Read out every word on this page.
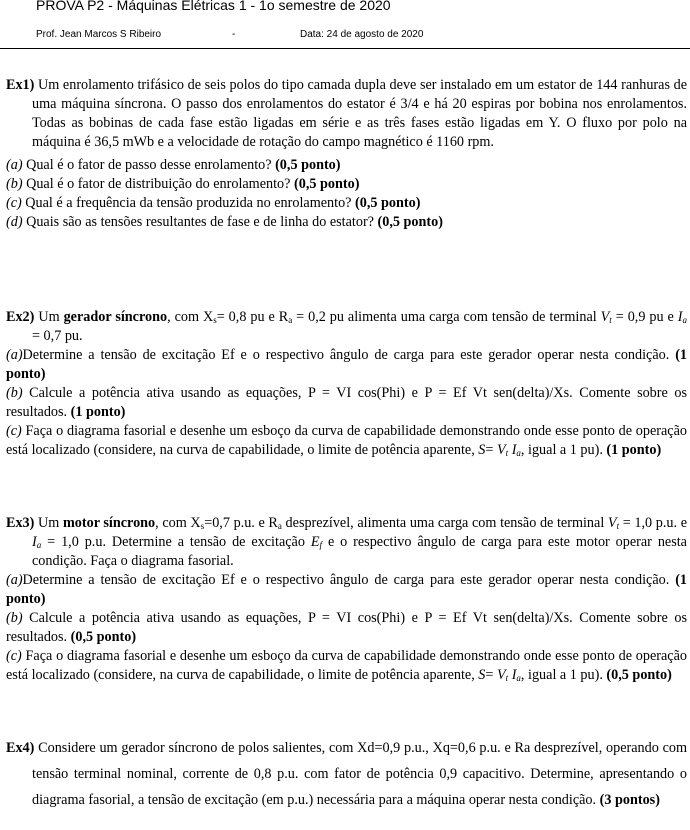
PROVA P2 - Máquinas Elétricas 1 - 1o semestre de 2020
Prof. Jean Marcos S Ribeiro	-	Data: 24 de agosto de 2020

Ex1) Um enrolamento trifásico de seis polos do tipo camada dupla deve ser instalado em um estator de 144 ranhuras de uma máquina síncrona. O passo dos enrolamentos do estator é 3/4 e há 20 espiras por bobina nos enrolamentos. Todas as bobinas de cada fase estão ligadas em série e as três fases estão ligadas em Y. O fluxo por polo na máquina é 36,5 mWb e a velocidade de rotação do campo magnético é 1160 rpm.

(a) Qual é o fator de passo desse enrolamento? (0,5 ponto)

(b) Qual é o fator de distribuição do enrolamento? (0,5 ponto)

(c) Qual é a frequência da tensão produzida no enrolamento? (0,5 ponto)

(d) Quais são as tensões resultantes de fase e de linha do estator? (0,5 ponto)

Ex2) Um gerador síncrono, com $X_s= 0,8$ pu e $R_a = 0,2$ pu alimenta uma carga com tensão de terminal $V_t = 0,9$ pu e $I_a = 0,7$ pu.

(a)Determine a tensão de excitação Ef e o respectivo ângulo de carga para este gerador operar nesta condição. (1 ponto)

(b) Calcule a potência ativa usando as equações, P = VI cos(Phi) e P = Ef Vt sen(delta)/Xs. Comente sobre os resultados. (1 ponto)

(c) Faça o diagrama fasorial e desenhe um esboço da curva de capabilidade demonstrando onde esse ponto de operação está localizado (considere, na curva de capabilidade, o limite de potência aparente, $S= V_t$ $I_a$, igual a 1 pu). (1 ponto)

Ex3) Um motor síncrono, com $X_s=0,7$ p.u. e $R_a$ desprezível, alimenta uma carga com tensão de terminal $V_t = 1,0$ p.u. e $I_a = 1,0$ p.u. Determine a tensão de excitação $E_f$ e o respectivo ângulo de carga para este motor operar nesta condição. Faça o diagrama fasorial.

(a)Determine a tensão de excitação Ef e o respectivo ângulo de carga para este gerador operar nesta condição. (1 ponto)

(b) Calcule a potência ativa usando as equações, P = VI cos(Phi) e P = Ef Vt sen(delta)/Xs. Comente sobre os resultados. (0,5 ponto)

(c) Faça o diagrama fasorial e desenhe um esboço da curva de capabilidade demonstrando onde esse ponto de operação está localizado (considere, na curva de capabilidade, o limite de potência aparente, $S= V_t$ $I_a$, igual a 1 pu). (0,5 ponto)

Ex4) Considere um gerador síncrono de polos salientes, com Xd=0,9 p.u., Xq=0,6 p.u. e Ra desprezível, operando com tensão terminal nominal, corrente de 0,8 p.u. com fator de potência 0,9 capacitivo. Determine, apresentando o diagrama fasorial, a tensão de excitação (em p.u.) necessária para a máquina operar nesta condição. (3 pontos)
